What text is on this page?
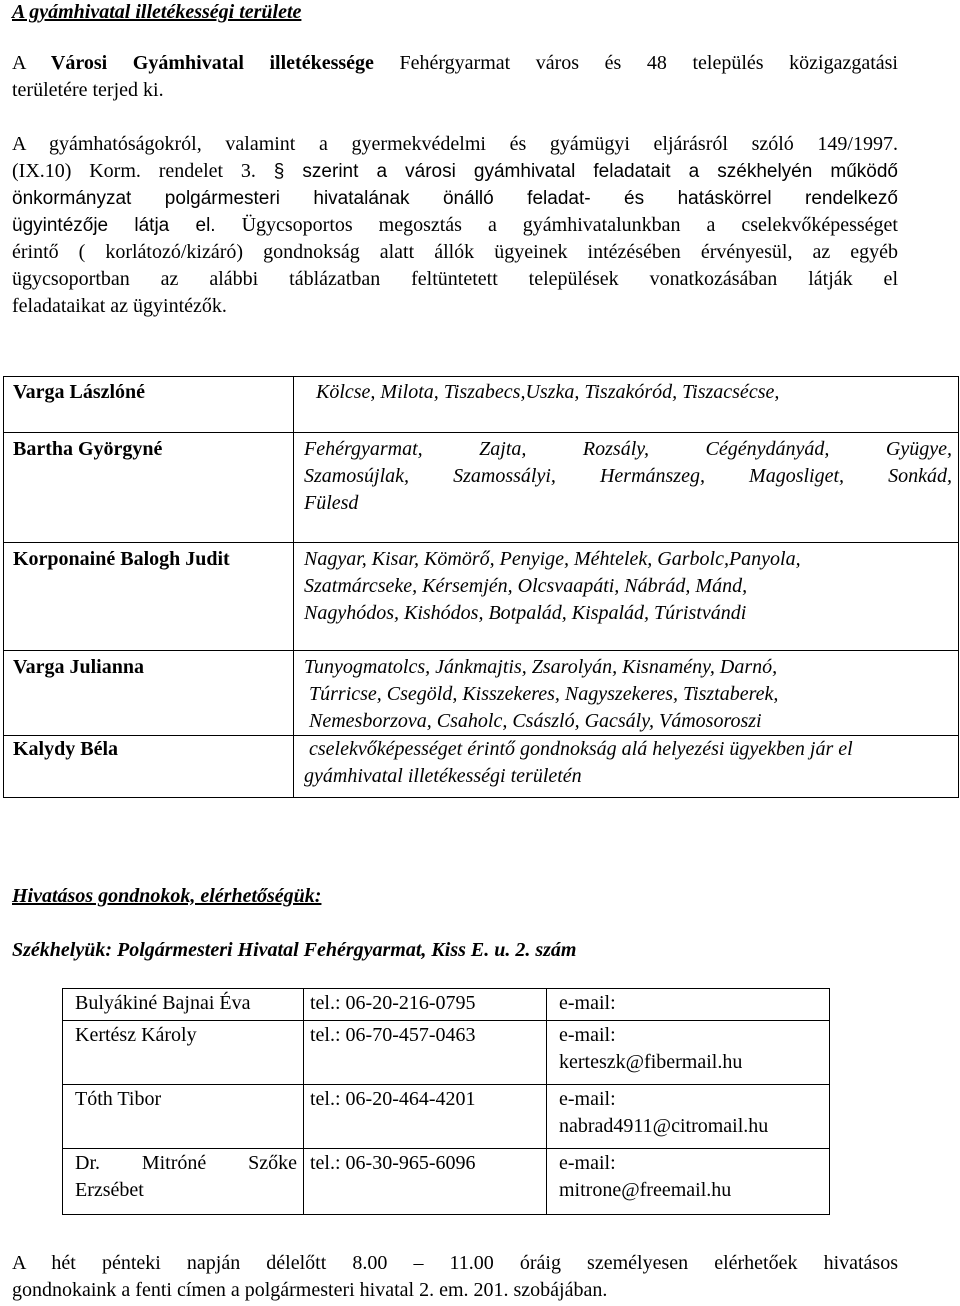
A gyámhivatal illetékességi területe
A Városi Gyámhivatal illetékessége Fehérgyarmat város és 48 település közigazgatási
területére terjed ki.
A gyámhatóságokról, valamint a gyermekvédelmi és gyámügyi eljárásról szóló 149/1997.
(IX.10) Korm. rendelet 3. § szerint a városi gyámhivatal feladatait a székhelyén működő
önkormányzat polgármesteri hivatalának önálló feladat- és hatáskörrel rendelkező
ügyintézője látja el. Ügycsoportos megosztás a gyámhivatalunkban a cselekvőképességet
érintő ( korlátozó/kizáró) gondnokság alatt állók ügyeinek intézésében érvényesül, az egyéb
ügycsoportban az alábbi táblázatban feltüntetett települések vonatkozásában látják el
feladataikat az ügyintézők.
Varga Lászlóné	Kölcse, Milota, Tiszabecs,Uszka, Tiszakóród, Tiszacsécse,

Bartha Györgyné	Fehérgyarmat, Zajta, Rozsály, Cégénydányád, Gyügye,
Szamosújlak, Szamossályi, Hermánszeg, Magosliget, Sonkád,
Fülesd

Korponainé Balogh Judit	Nagyar, Kisar, Kömörő, Penyige, Méhtelek, Garbolc,Panyola,
Szatmárcseke, Kérsemjén, Olcsvaapáti, Nábrád, Mánd,
Nagyhódos, Kishódos, Botpalád, Kispalád, Túristvándi

Varga Julianna	Tunyogmatolcs, Jánkmajtis, Zsarolyán, Kisnamény, Darnó,
Túrricse, Csegöld, Kisszekeres, Nagyszekeres, Tisztaberek,
Nemesborzova, Csaholc, Császló, Gacsály, Vámosoroszi

Kalydy Béla	cselekvőképességet érintő gondnokság alá helyezési ügyekben jár el
gyámhivatal illetékességi területén
Hivatásos gondnokok, elérhetőségük:
Székhelyük: Polgármesteri Hivatal Fehérgyarmat, Kiss E. u. 2. szám
Bulyákiné Bajnai Éva	tel.: 06-20-216-0795	e-mail:
Kertész Károly	tel.: 06-70-457-0463	e-mail:
kerteszk@fibermail.hu
Tóth Tibor	tel.: 06-20-464-4201	e-mail:
nabrad4911@citromail.hu

Dr. Mitróné Szőke
Erzsébet	tel.: 06-30-965-6096	e-mail:
mitrone@freemail.hu
A hét pénteki napján délelőtt 8.00 – 11.00 óráig személyesen elérhetőek hivatásos
gondnokaink a fenti címen a polgármesteri hivatal 2. em. 201. szobájában.
